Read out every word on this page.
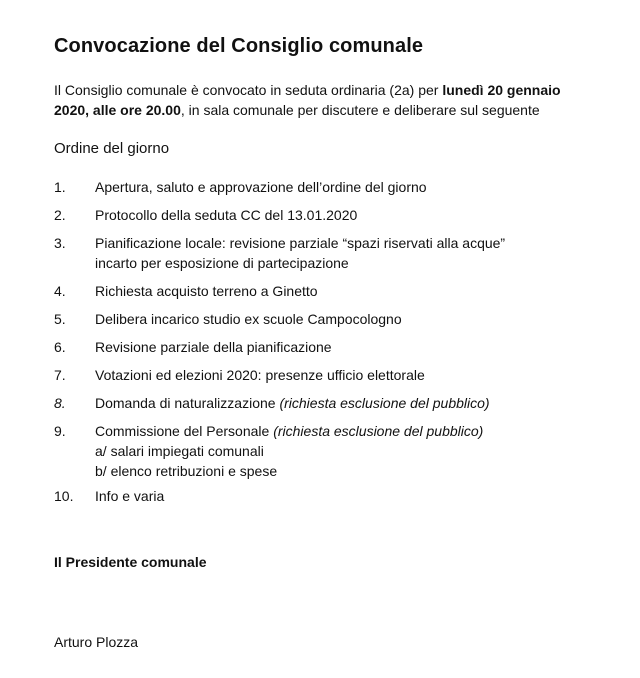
Convocazione del Consiglio comunale
Il Consiglio comunale è convocato in seduta ordinaria (2a) per lunedì 20 gennaio 2020, alle ore 20.00, in sala comunale per discutere e deliberare sul seguente
Ordine del giorno
1.	Apertura, saluto e approvazione dell’ordine del giorno
2.	Protocollo della seduta CC del 13.01.2020
3.	Pianificazione locale: revisione parziale “spazi riservati alla acque”
incarto per esposizione di partecipazione
4.	Richiesta acquisto terreno a Ginetto
5.	Delibera incarico studio ex scuole Campocologno
6.	Revisione parziale della pianificazione
7.	Votazioni ed elezioni 2020: presenze ufficio elettorale
8.	Domanda di naturalizzazione (richiesta esclusione del pubblico)
9.	Commissione del Personale (richiesta esclusione del pubblico)
a/ salari impiegati comunali
b/ elenco retribuzioni e spese
10.	Info e varia
Il Presidente comunale
Arturo Plozza
